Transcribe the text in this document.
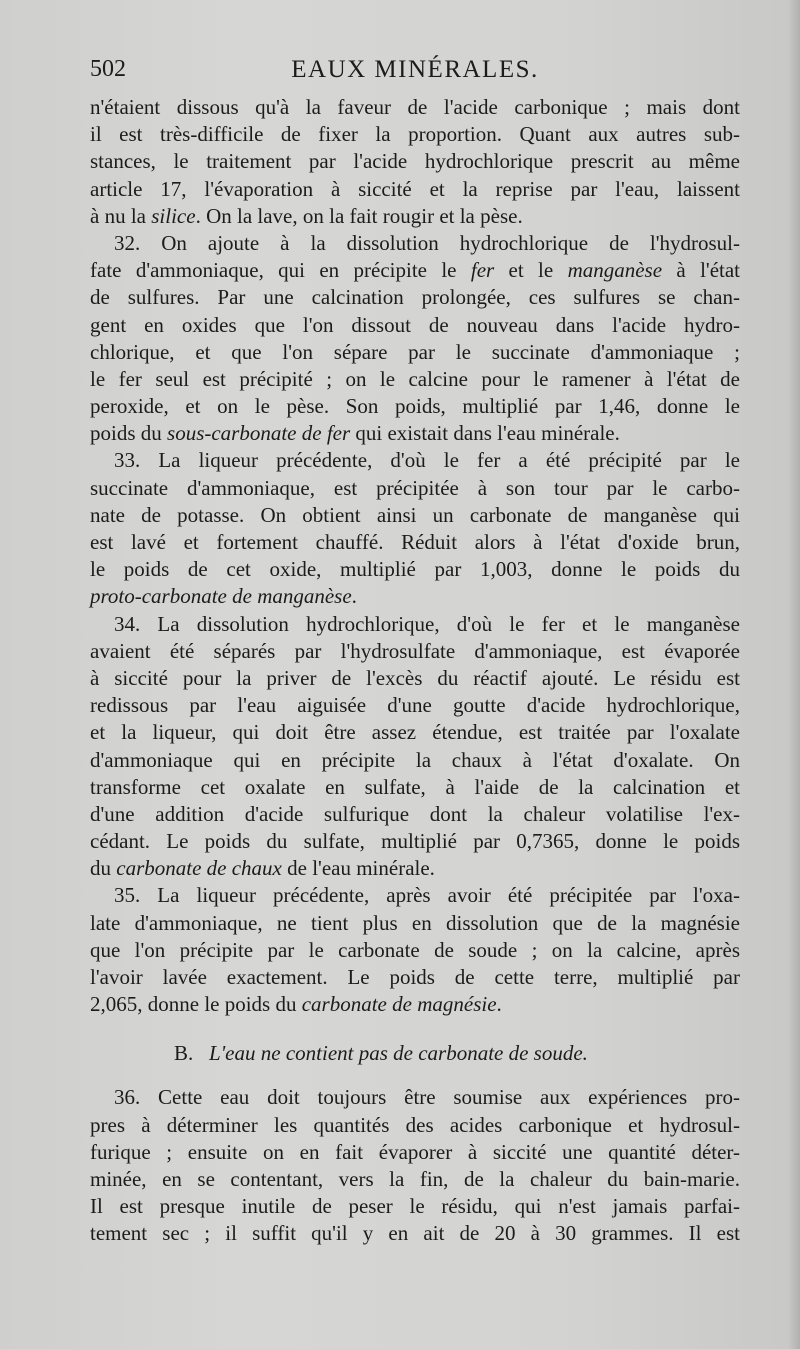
502	EAUX MINÉRALES.
n'étaient dissous qu'à la faveur de l'acide carbonique ; mais dont
il est très-difficile de fixer la proportion. Quant aux autres sub-
stances, le traitement par l'acide hydrochlorique prescrit au même
article 17, l'évaporation à siccité et la reprise par l'eau, laissent
à nu la silice. On la lave, on la fait rougir et la pèse.
32. On ajoute à la dissolution hydrochlorique de l'hydrosul-
fate d'ammoniaque, qui en précipite le fer et le manganèse à l'état
de sulfures. Par une calcination prolongée, ces sulfures se chan-
gent en oxides que l'on dissout de nouveau dans l'acide hydro-
chlorique, et que l'on sépare par le succinate d'ammoniaque ;
le fer seul est précipité ; on le calcine pour le ramener à l'état de
peroxide, et on le pèse. Son poids, multiplié par 1,46, donne le
poids du sous-carbonate de fer qui existait dans l'eau minérale.
33. La liqueur précédente, d'où le fer a été précipité par le
succinate d'ammoniaque, est précipitée à son tour par le carbo-
nate de potasse. On obtient ainsi un carbonate de manganèse qui
est lavé et fortement chauffé. Réduit alors à l'état d'oxide brun,
le poids de cet oxide, multiplié par 1,003, donne le poids du
proto-carbonate de manganèse.
34. La dissolution hydrochlorique, d'où le fer et le manganèse
avaient été séparés par l'hydrosulfate d'ammoniaque, est évaporée
à siccité pour la priver de l'excès du réactif ajouté. Le résidu est
redissous par l'eau aiguisée d'une goutte d'acide hydrochlorique,
et la liqueur, qui doit être assez étendue, est traitée par l'oxalate
d'ammoniaque qui en précipite la chaux à l'état d'oxalate. On
transforme cet oxalate en sulfate, à l'aide de la calcination et
d'une addition d'acide sulfurique dont la chaleur volatilise l'ex-
cédant. Le poids du sulfate, multiplié par 0,7365, donne le poids
du carbonate de chaux de l'eau minérale.
35. La liqueur précédente, après avoir été précipitée par l'oxa-
late d'ammoniaque, ne tient plus en dissolution que de la magnésie
que l'on précipite par le carbonate de soude ; on la calcine, après
l'avoir lavée exactement. Le poids de cette terre, multiplié par
2,065, donne le poids du carbonate de magnésie.
B. L'eau ne contient pas de carbonate de soude.
36. Cette eau doit toujours être soumise aux expériences pro-
pres à déterminer les quantités des acides carbonique et hydrosul-
furique ; ensuite on en fait évaporer à siccité une quantité déter-
minée, en se contentant, vers la fin, de la chaleur du bain-marie.
Il est presque inutile de peser le résidu, qui n'est jamais parfai-
tement sec ; il suffit qu'il y en ait de 20 à 30 grammes. Il est
